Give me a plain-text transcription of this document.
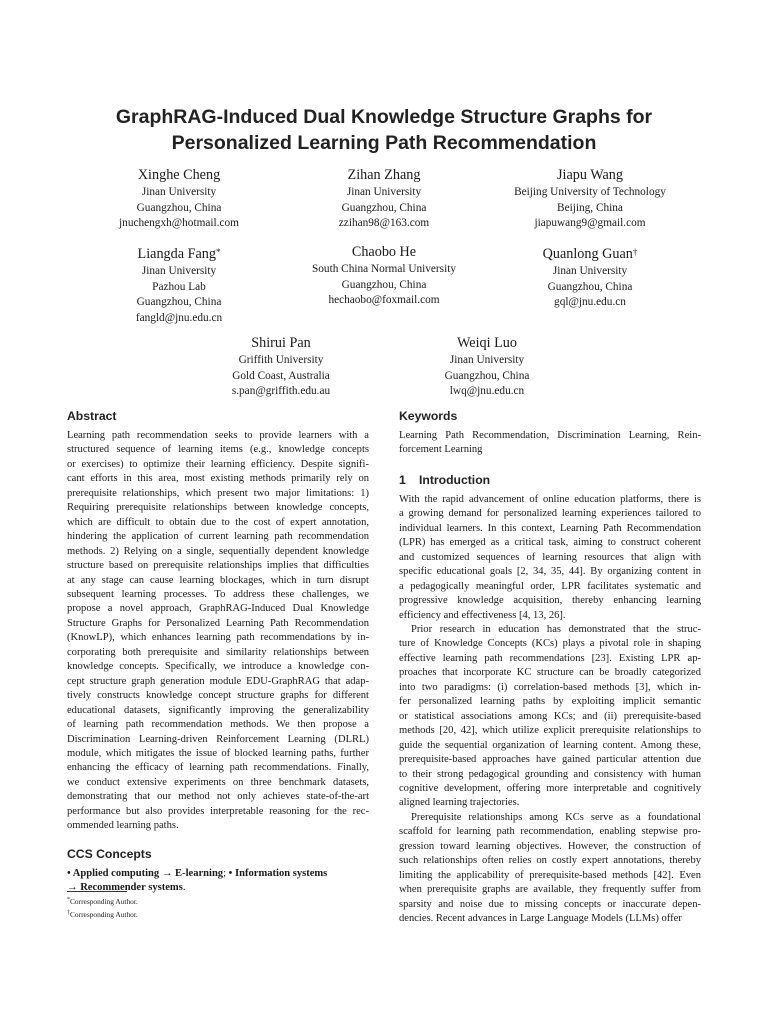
GraphRAG-Induced Dual Knowledge Structure Graphs for
Personalized Learning Path Recommendation
Xinghe Cheng
Jinan University
Guangzhou, China
jnuchengxh@hotmail.com
Zihan Zhang
Jinan University
Guangzhou, China
zzihan98@163.com
Jiapu Wang
Beijing University of Technology
Beijing, China
jiapuwang9@gmail.com
Liangda Fang*
Jinan University
Pazhou Lab
Guangzhou, China
fangld@jnu.edu.cn
Chaobo He
South China Normal University
Guangzhou, China
hechaobo@foxmail.com
Quanlong Guan†
Jinan University
Guangzhou, China
gql@jnu.edu.cn
Shirui Pan
Griffith University
Gold Coast, Australia
s.pan@griffith.edu.au
Weiqi Luo
Jinan University
Guangzhou, China
lwq@jnu.edu.cn
Abstract
Learning path recommendation seeks to provide learners with a
structured sequence of learning items (e.g., knowledge concepts
or exercises) to optimize their learning efficiency. Despite signifi-
cant efforts in this area, most existing methods primarily rely on
prerequisite relationships, which present two major limitations: 1)
Requiring prerequisite relationships between knowledge concepts,
which are difficult to obtain due to the cost of expert annotation,
hindering the application of current learning path recommendation
methods. 2) Relying on a single, sequentially dependent knowledge
structure based on prerequisite relationships implies that difficulties
at any stage can cause learning blockages, which in turn disrupt
subsequent learning processes. To address these challenges, we
propose a novel approach, GraphRAG-Induced Dual Knowledge
Structure Graphs for Personalized Learning Path Recommendation
(KnowLP), which enhances learning path recommendations by in-
corporating both prerequisite and similarity relationships between
knowledge concepts. Specifically, we introduce a knowledge con-
cept structure graph generation module EDU-GraphRAG that adap-
tively constructs knowledge concept structure graphs for different
educational datasets, significantly improving the generalizability
of learning path recommendation methods. We then propose a
Discrimination Learning-driven Reinforcement Learning (DLRL)
module, which mitigates the issue of blocked learning paths, further
enhancing the efficacy of learning path recommendations. Finally,
we conduct extensive experiments on three benchmark datasets,
demonstrating that our method not only achieves state-of-the-art
performance but also provides interpretable reasoning for the rec-
ommended learning paths.
CCS Concepts
• Applied computing → E-learning; • Information systems
→ Recommender systems.
*Corresponding Author.
†Corresponding Author.
Keywords
Learning Path Recommendation, Discrimination Learning, Rein-
forcement Learning
1 Introduction
With the rapid advancement of online education platforms, there is
a growing demand for personalized learning experiences tailored to
individual learners. In this context, Learning Path Recommendation
(LPR) has emerged as a critical task, aiming to construct coherent
and customized sequences of learning resources that align with
specific educational goals [2, 34, 35, 44]. By organizing content in
a pedagogically meaningful order, LPR facilitates systematic and
progressive knowledge acquisition, thereby enhancing learning
efficiency and effectiveness [4, 13, 26].
Prior research in education has demonstrated that the struc-
ture of Knowledge Concepts (KCs) plays a pivotal role in shaping
effective learning path recommendations [23]. Existing LPR ap-
proaches that incorporate KC structure can be broadly categorized
into two paradigms: (i) correlation-based methods [3], which in-
fer personalized learning paths by exploiting implicit semantic
or statistical associations among KCs; and (ii) prerequisite-based
methods [20, 42], which utilize explicit prerequisite relationships to
guide the sequential organization of learning content. Among these,
prerequisite-based approaches have gained particular attention due
to their strong pedagogical grounding and consistency with human
cognitive development, offering more interpretable and cognitively
aligned learning trajectories.
Prerequisite relationships among KCs serve as a foundational
scaffold for learning path recommendation, enabling stepwise pro-
gression toward learning objectives. However, the construction of
such relationships often relies on costly expert annotations, thereby
limiting the applicability of prerequisite-based methods [42]. Even
when prerequisite graphs are available, they frequently suffer from
sparsity and noise due to missing concepts or inaccurate depen-
dencies. Recent advances in Large Language Models (LLMs) offer
